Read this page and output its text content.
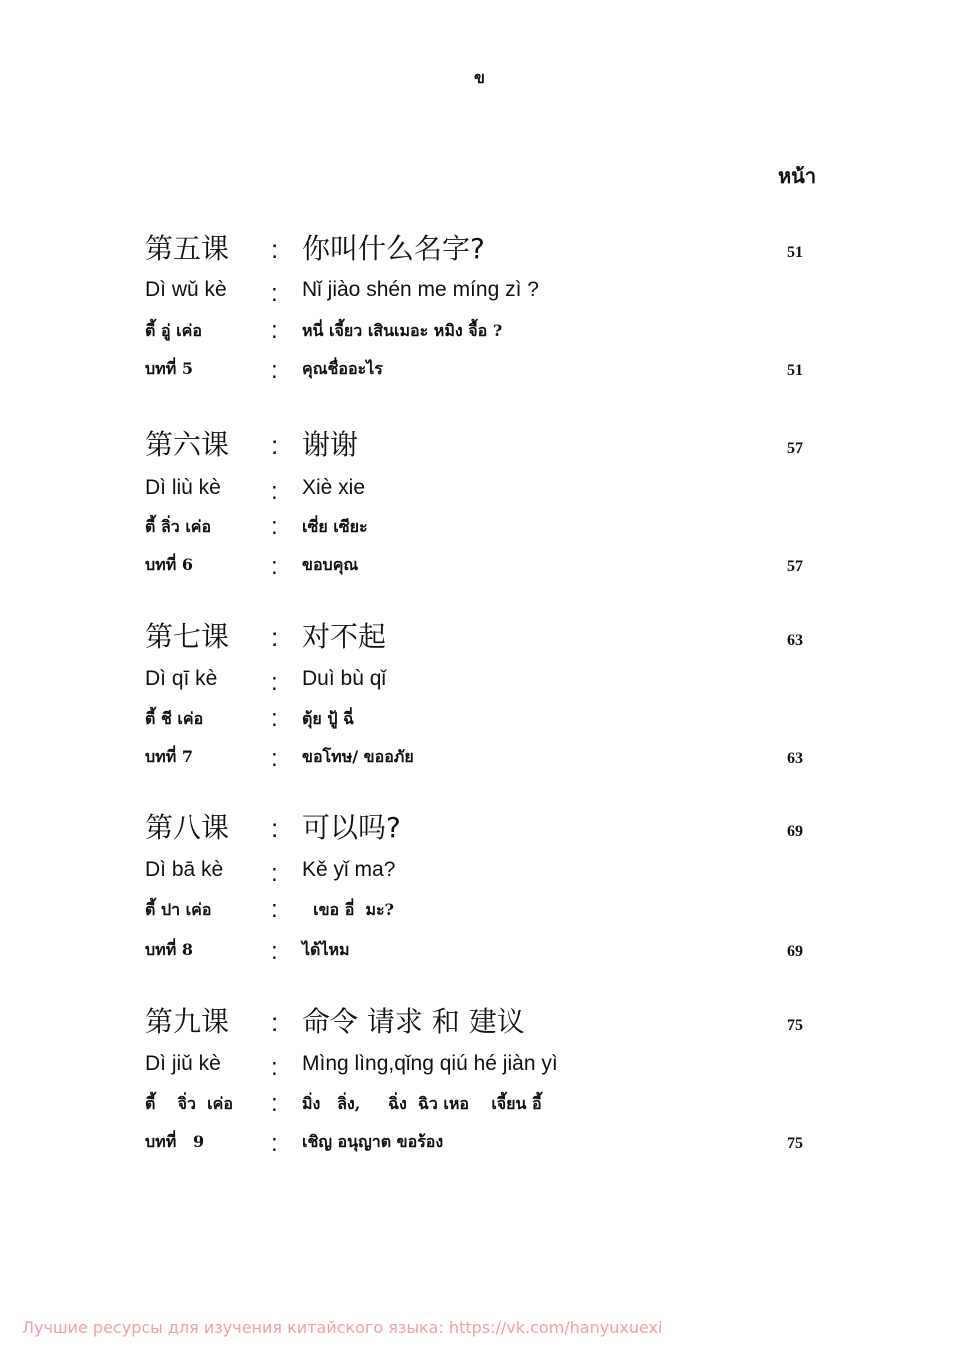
ข
หน้า
第五课 : 你叫什么名字?	51
Dì wǔ kè : Nǐ jiào shén me míng zì ?
ตี้ อู่ เค่อ	: หนี่ เจี้ยว เสินเมอะ หมิง จื้อ ?
บทที่ 5	: คุณชื่ออะไร	51
第六课 : 谢谢	57
Dì liù kè : Xiè xie
ตี้ ลิ่ว เค่อ : เซี่ย เซียะ
บทที่ 6	: ขอบคุณ	57
第七课 : 对不起	63
Dì qī kè : Duì bù qǐ
ตี้ ชี เค่อ	: ตุ้ย ปู้ ฉี่
บทที่ 7	: ขอโทษ/ ขออภัย	63
第八课 : 可以吗?	69
Dì bā kè : Kě yǐ ma?
ตี้ ปา เค่อ : เขอ อี่  มะ?
บทที่ 8	: ได้ไหม	69
第九课 : 命令 请求 和 建议	75
Dì jiǔ kè : Mìng lìng,qǐng qiú hé jiàn yì
ตี้    จิ่ว  เค่อ : มิ่ง   ลิ่ง,     ฉิ่ง  ฉิว เหอ    เจี้ยน อี้
บทที่   9	: เชิญ อนุญาต ขอร้อง	75
Лучшие ресурсы для изучения китайского языка: https://vk.com/hanyuxuexi
